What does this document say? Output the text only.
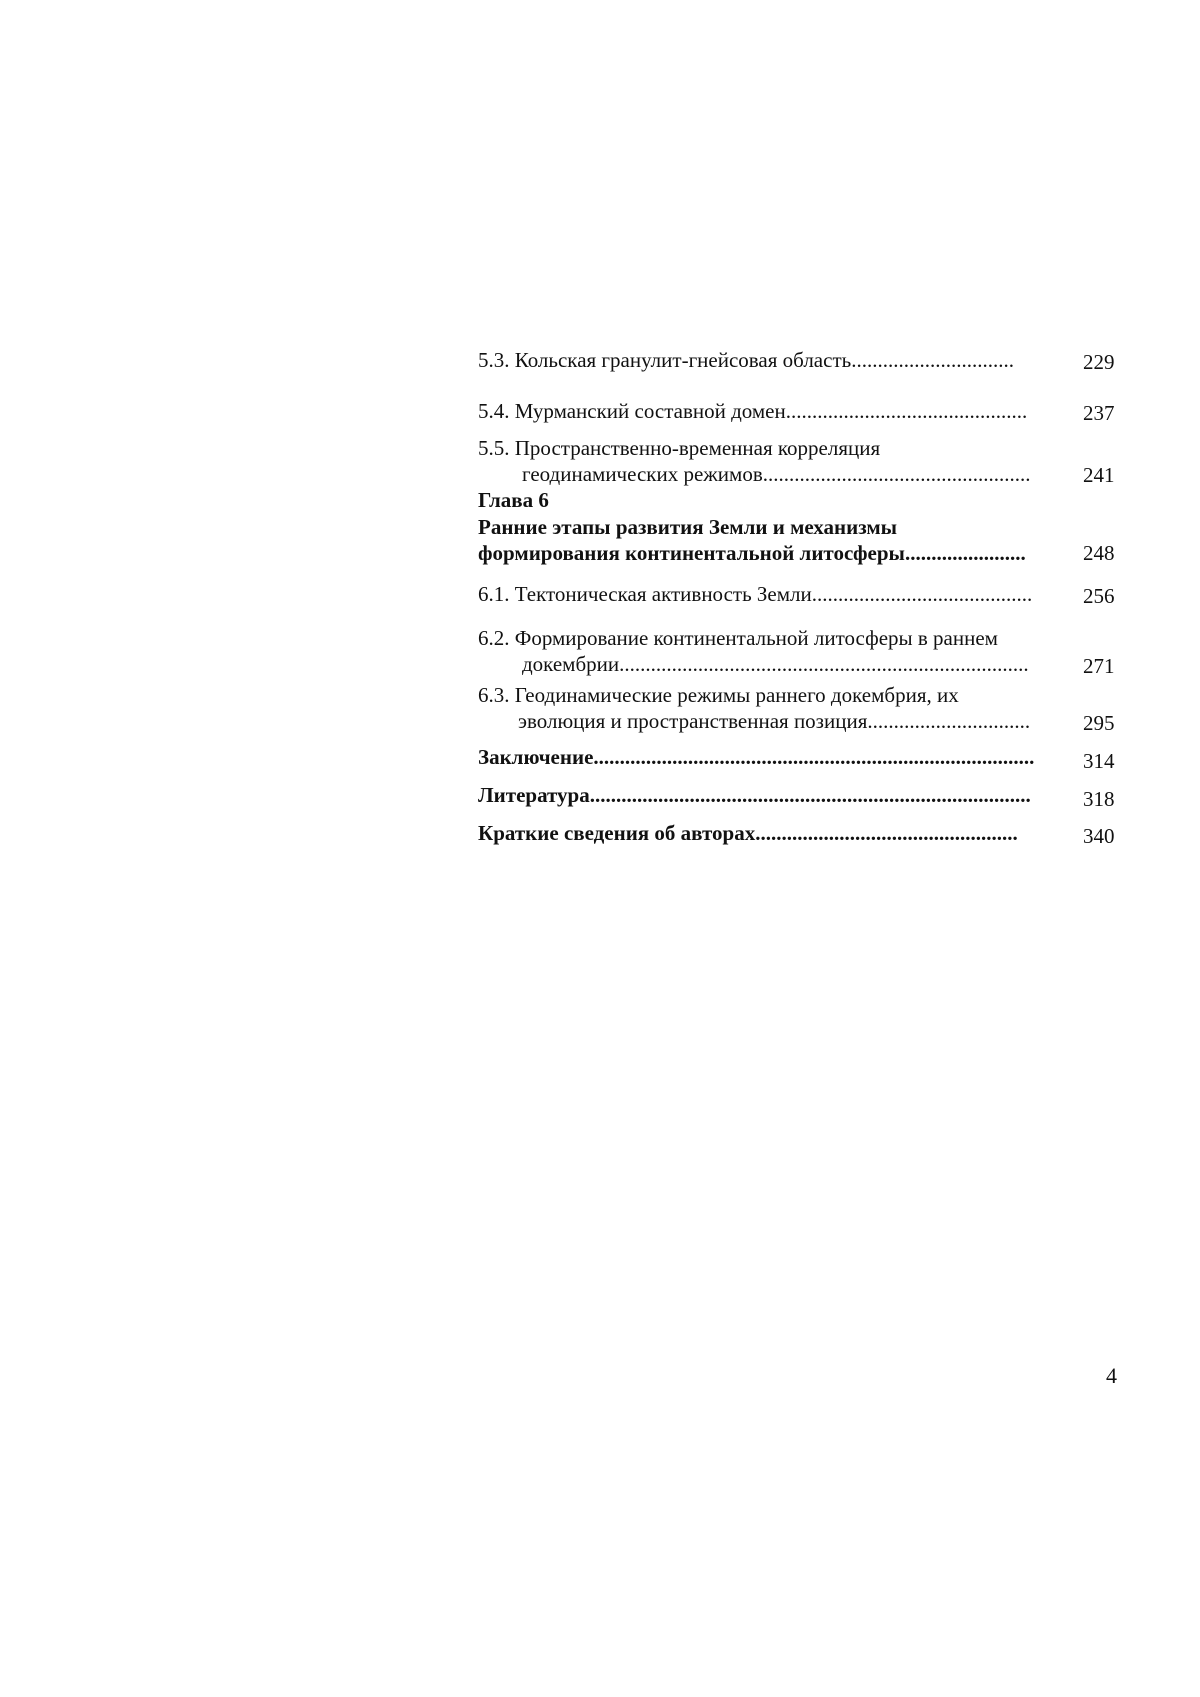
5.3. Кольская гранулит-гнейсовая область...............................	229
5.4. Мурманский составной домен..............................................	237
5.5. Пространственно-временная корреляция
геодинамических режимов...................................................	241
Глава 6
Ранние этапы развития Земли и механизмы
формирования континентальной литосферы.......................	248
6.1. Тектоническая активность Земли..........................................	256
6.2. Формирование континентальной литосферы в раннем
докембрии..............................................................................	271
6.3. Геодинамические режимы раннего докембрия, их
эволюция и пространственная позиция...............................	295
Заключение....................................................................................	314
Литература....................................................................................	318
Краткие сведения об авторах..................................................	340
4
